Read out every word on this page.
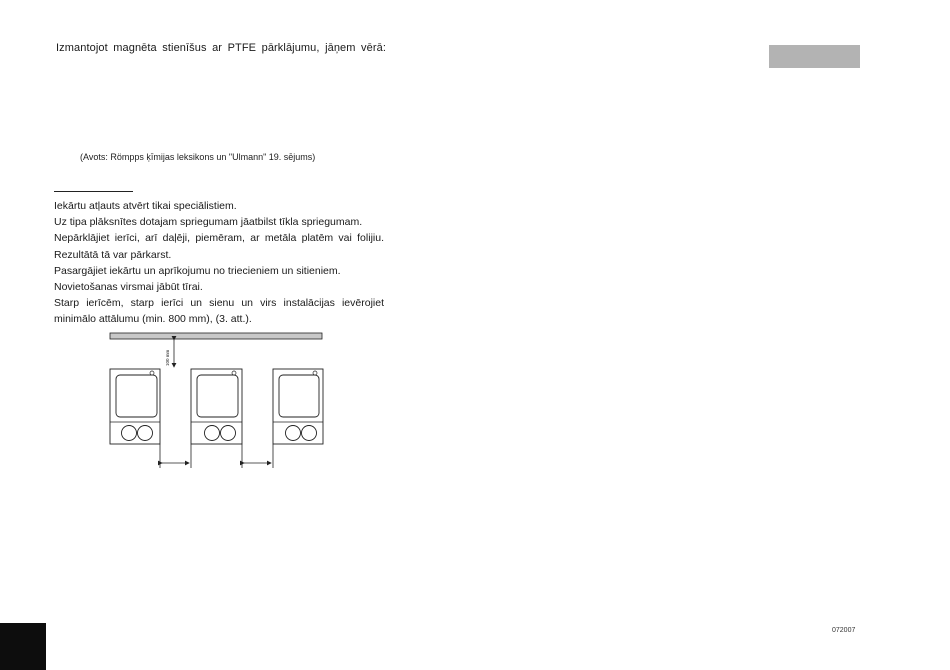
Izmantojot magnēta stienīšus ar PTFE pārklājumu, jāņem vērā:
(Avots: Römpps ķīmijas leksikons un "Ulmann" 19. sējums)
Iekārtu atļauts atvērt tikai speciālistiem.
Uz tipa plāksnītes dotajam spriegumam jāatbilst tīkla spriegumam.
Nepārklājiet ierīci, arī daļēji, piemēram, ar metāla platēm vai folijiu. Rezultātā tā var pārkarst.
Pasargājiet iekārtu un aprīkojumu no triecieniem un sitieniem.
Novietošanas virsmai jābūt tīrai.
Starp ierīcēm, starp ierīci un sienu un virs instalācijas ievērojiet minimālo attālumu (min. 800 mm), (3. att.).
100 mm
072007
